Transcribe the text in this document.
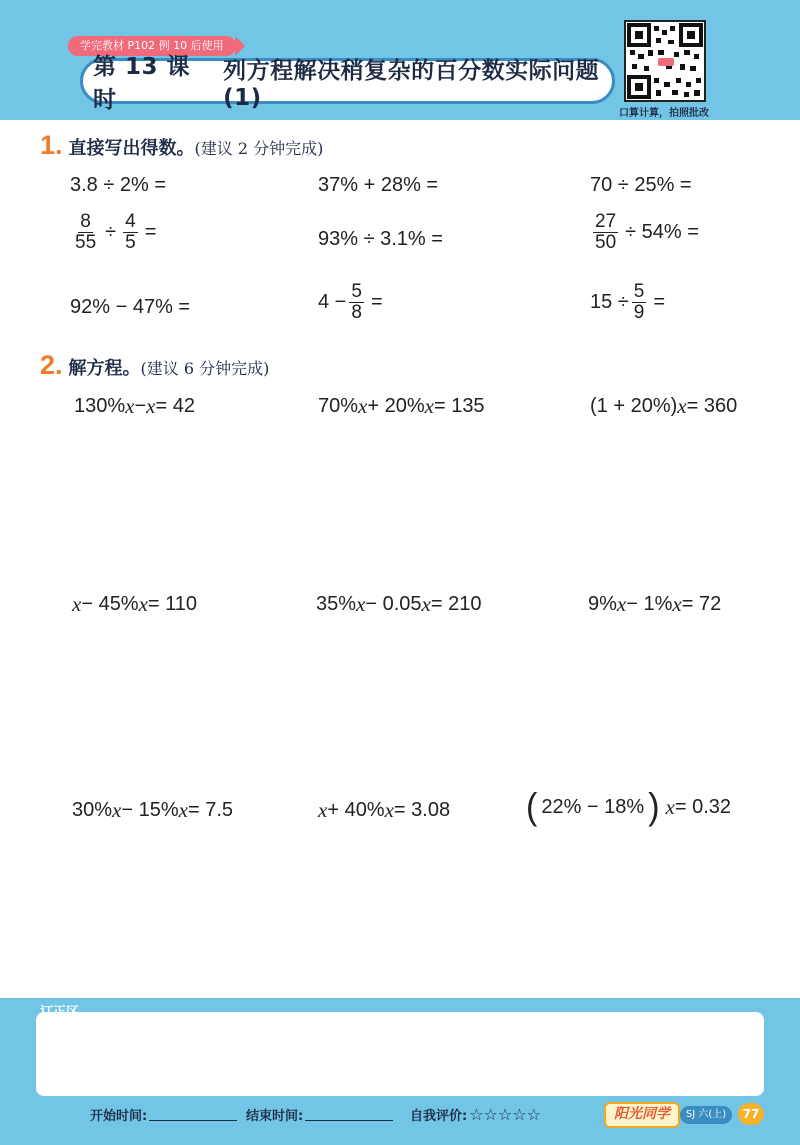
学完教材 P102 例 10 后使用
第 13 课时
列方程解决稍复杂的百分数实际问题(1)
口算计算，拍照批改
1. 直接写出得数。 (建议 2 分钟完成)
3.8 ÷ 2% =	37% + 28% =	70 ÷ 25% =
$\frac{8}{55} \div \frac{4}{5}$ =	93% ÷ 3.1% =	$\frac{27}{50} \div 54\%$ =
92% − 47% =	$4 - \frac{5}{8}$ =	$15 \div \frac{5}{9}$ =
2. 解方程。 (建议 6 分钟完成)
130% x − x = 42	70% x + 20% x = 135	(1 + 20%) x = 360
x − 45% x = 110	35% x − 0.05 x = 210	9% x − 1% x = 72
30% x − 15% x = 7.5	x + 40% x = 3.08 ( 22% − 18% ) x = 0.32
订正区
开始时间:	结束时间:	自我评价: ☆☆☆☆☆	阳光同学	SJ 六(上)	77
